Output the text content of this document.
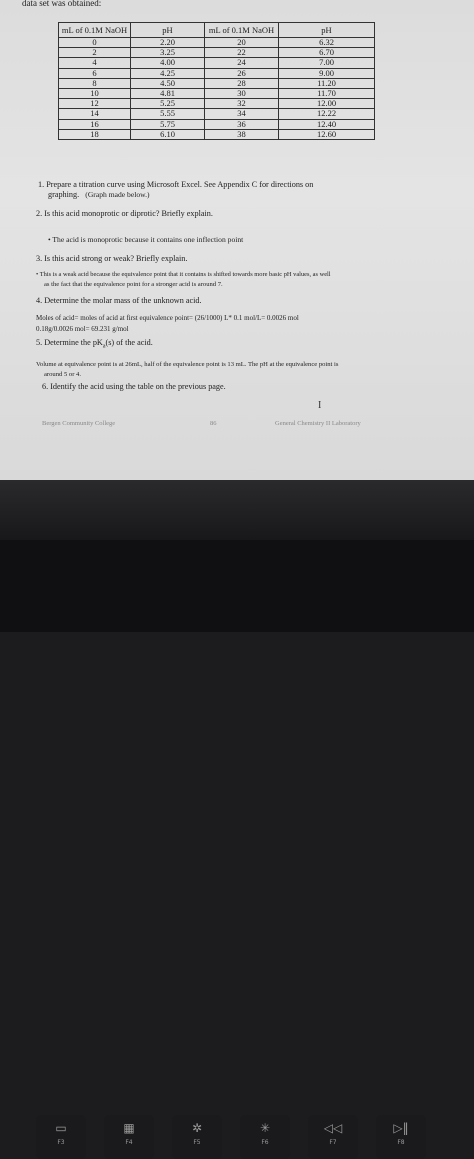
data set was obtained:
mL of 0.1M NaOH	pH	mL of 0.1M NaOH	pH
0	2.20	20	6.32
2	3.25	22	6.70
4	4.00	24	7.00
6	4.25	26	9.00
8	4.50	28	11.20
10	4.81	30	11.70
12	5.25	32	12.00
14	5.55	34	12.22
16	5.75	36	12.40
18	6.10	38	12.60
1. Prepare a titration curve using Microsoft Excel. See Appendix C for directions on
graphing. (Graph made below.)
2. Is this acid monoprotic or diprotic? Briefly explain.
• The acid is monoprotic because it contains one inflection point
3. Is this acid strong or weak? Briefly explain.
• This is a weak acid because the equivalence point that it contains is shifted towards more basic pH values, as well
as the fact that the equivalence point for a stronger acid is around 7.
4. Determine the molar mass of the unknown acid.
Moles of acid= moles of acid at first equivalence point= (26/1000) L* 0.1 mol/L= 0.0026 mol
0.18g/0.0026 mol= 69.231 g/mol
5. Determine the $pK_a(s)$ of the acid.
Volume at equivalence point is at 26mL, half of the equivalence point is 13 mL. The pH at the equivalence point is
around 5 or 4.
6. Identify the acid using the table on the previous page.
Ι
Bergen Community College	86	General Chemistry II Laboratory
▭
F3
▦
F4
✲
F5
✳
F6
◁◁
F7
▷‖
F8
